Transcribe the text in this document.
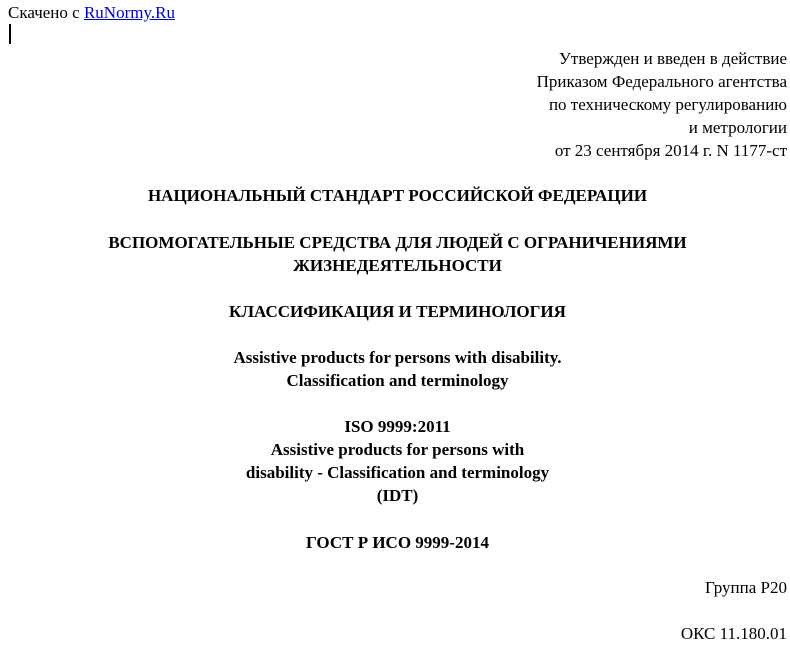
Скачено с RuNormy.Ru
Утвержден и введен в действие
Приказом Федерального агентства
по техническому регулированию
и метрологии
от 23 сентября 2014 г. N 1177-ст
НАЦИОНАЛЬНЫЙ СТАНДАРТ РОССИЙСКОЙ ФЕДЕРАЦИИ
ВСПОМОГАТЕЛЬНЫЕ СРЕДСТВА ДЛЯ ЛЮДЕЙ С ОГРАНИЧЕНИЯМИ
ЖИЗНЕДЕЯТЕЛЬНОСТИ
КЛАССИФИКАЦИЯ И ТЕРМИНОЛОГИЯ
Assistive products for persons with disability.
Classification and terminology
ISO 9999:2011
Assistive products for persons with
disability - Classification and terminology
(IDT)
ГОСТ Р ИСО 9999-2014
Группа Р20
ОКС 11.180.01
